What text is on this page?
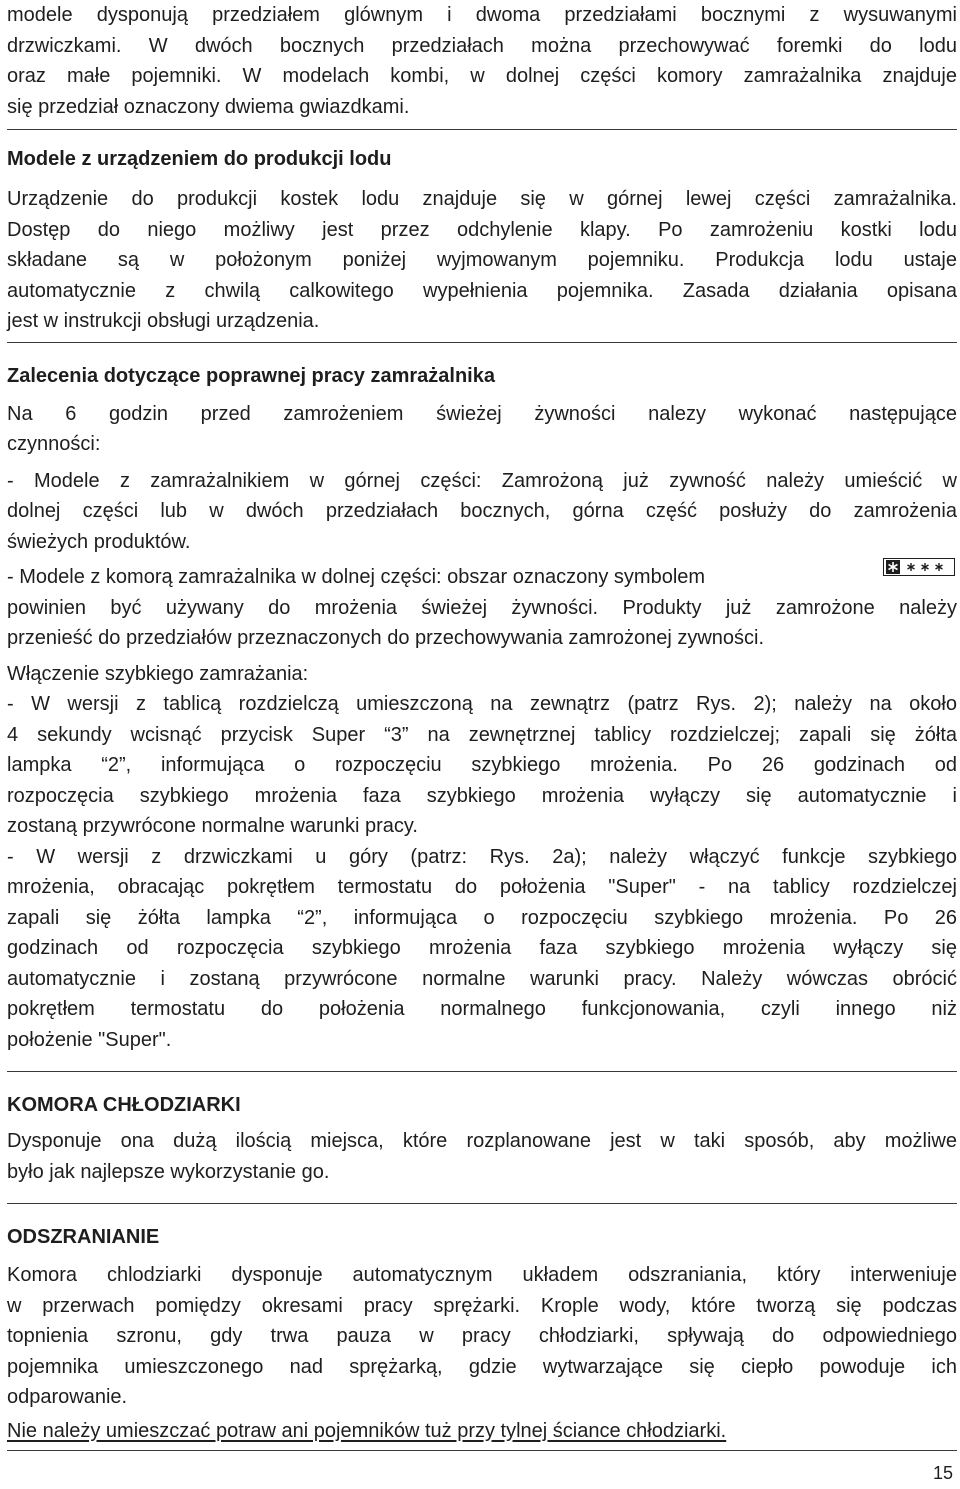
modele dysponują przedziałem glównym i dwoma przedziałami bocznymi z wysuwanymi

drzwiczkami. W dwóch bocznych przedziałach można przechowywać foremki do lodu

oraz małe pojemniki. W modelach kombi, w dolnej części komory zamrażalnika znajduje

się przedział oznaczony dwiema gwiazdkami.

Modele z urządzeniem do produkcji lodu

Urządzenie do produkcji kostek lodu znajduje się w górnej lewej części zamrażalnika.

Dostęp do niego możliwy jest przez odchylenie klapy. Po zamrożeniu kostki lodu

składane są w położonym poniżej wyjmowanym pojemniku. Produkcja lodu ustaje

automatycznie z chwilą calkowitego wypełnienia pojemnika. Zasada działania opisana

jest w instrukcji obsługi urządzenia.

Zalecenia dotyczące poprawnej pracy zamrażalnika

Na 6 godzin przed zamrożeniem świeżej żywności nalezy wykonać następujące

czynności:

- Modele z zamrażalnikiem w górnej części: Zamrożoną już zywność należy umieścić w

dolnej części lub w dwóch przedziałach bocznych, górna część posłuży do zamrożenia

świeżych produktów.

- Modele z komorą zamrażalnika w dolnej części: obszar oznaczony symbolem

powinien być używany do mrożenia świeżej żywności. Produkty już zamrożone należy

przenieść do przedziałów przeznaczonych do przechowywania zamrożonej zywności.

Włączenie szybkiego zamrażania:

- W wersji z tablicą rozdzielczą umieszczoną na zewnątrz (patrz Rys. 2); należy na około

4 sekundy wcisnąć przycisk Super “3” na zewnętrznej tablicy rozdzielczej; zapali się żółta

lampka “2”, informująca o rozpoczęciu szybkiego mrożenia. Po 26 godzinach od

rozpoczęcia szybkiego mrożenia faza szybkiego mrożenia wyłączy się automatycznie i

zostaną przywrócone normalne warunki pracy.

- W wersji z drzwiczkami u góry (patrz: Rys. 2a); należy włączyć funkcje szybkiego

mrożenia, obracając pokrętłem termostatu do położenia "Super" - na tablicy rozdzielczej

zapali się żółta lampka “2”, informująca o rozpoczęciu szybkiego mrożenia. Po 26

godzinach od rozpoczęcia szybkiego mrożenia faza szybkiego mrożenia wyłączy się

automatycznie i zostaną przywrócone normalne warunki pracy. Należy wówczas obrócić

pokrętłem termostatu do położenia normalnego funkcjonowania, czyli innego niż

położenie "Super".

KOMORA CHŁODZIARKI

Dysponuje ona dużą ilością miejsca, które rozplanowane jest w taki sposób, aby możliwe

było jak najlepsze wykorzystanie go.

ODSZRANIANIE

Komora chlodziarki dysponuje automatycznym układem odszraniania, który interweniuje

w przerwach pomiędzy okresami pracy sprężarki. Krople wody, które tworzą się podczas

topnienia szronu, gdy trwa pauza w pracy chłodziarki, spływają do odpowiedniego

pojemnika umieszczonego nad sprężarką, gdzie wytwarzające się ciepło powoduje ich

odparowanie.

Nie należy umieszczać potraw ani pojemników tuż przy tylnej ściance chłodziarki.

15
